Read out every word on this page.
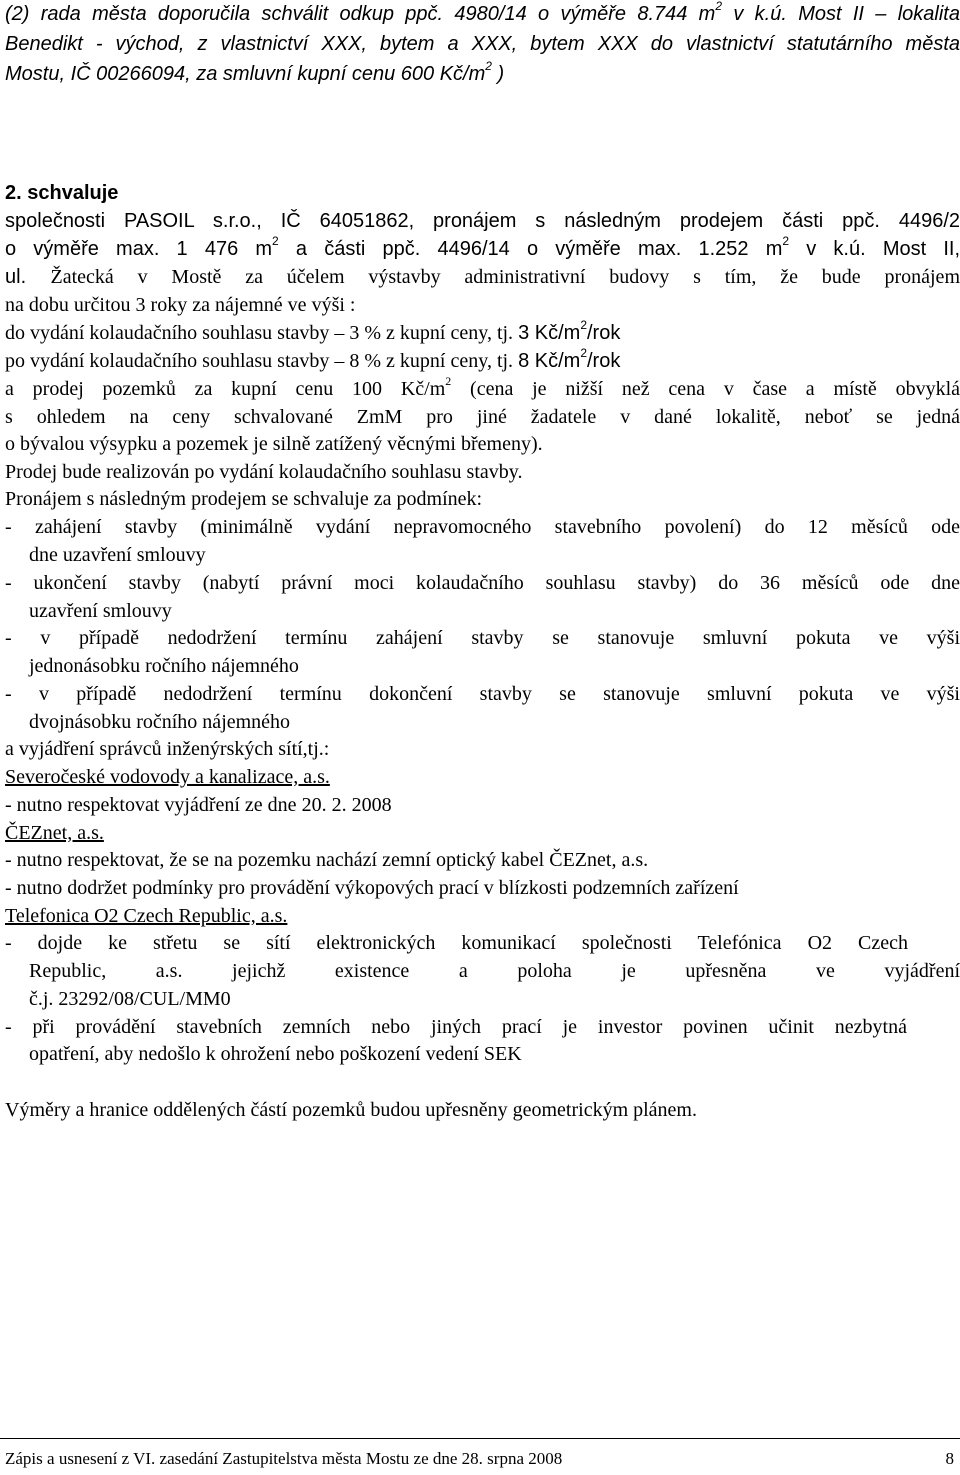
(2) rada města doporučila schválit odkup ppč. 4980/14 o výměře 8.744 $m^2$ v k.ú. Most II – lokalita
Benedikt - východ, z vlastnictví XXX, bytem a XXX, bytem XXX do vlastnictví statutárního města
Mostu, IČ 00266094, za smluvní kupní cenu 600 $Kč/m^2$ )
2. schvaluje
společnosti PASOIL s.r.o., IČ 64051862, pronájem s následným prodejem části ppč. 4496/2
o výměře max. 1 476 $m^2$ a části ppč. 4496/14 o výměře max. 1.252 $m^2$ v k.ú. Most II,
ul. Žatecká v Mostě za účelem výstavby administrativní budovy s tím, že bude pronájem
na dobu určitou 3 roky za nájemné ve výši :
do vydání kolaudačního souhlasu stavby – 3 % z kupní ceny, tj. 3 $Kč/m^2$/rok
po vydání kolaudačního souhlasu stavby – 8 % z kupní ceny, tj. 8 $Kč/m^2$/rok
a prodej pozemků za kupní cenu 100 $Kč/m^2$ (cena je nižší než cena v čase a místě obvyklá
s ohledem na ceny schvalované ZmM pro jiné žadatele v dané lokalitě, neboť se jedná
o bývalou výsypku a pozemek je silně zatížený věcnými břemeny).
Prodej bude realizován po vydání kolaudačního souhlasu stavby.
Pronájem s následným prodejem se schvaluje za podmínek:
- zahájení stavby (minimálně vydání nepravomocného stavebního povolení) do 12 měsíců ode
dne uzavření smlouvy
- ukončení stavby (nabytí právní moci kolaudačního souhlasu stavby) do 36 měsíců ode dne
uzavření smlouvy
- v případě nedodržení termínu zahájení stavby se stanovuje smluvní pokuta ve výši
jednonásobku ročního nájemného
- v případě nedodržení termínu dokončení stavby se stanovuje smluvní pokuta ve výši
dvojnásobku ročního nájemného
a vyjádření správců inženýrských sítí,tj.:
Severočeské vodovody a kanalizace, a.s.
- nutno respektovat vyjádření ze dne 20. 2. 2008
ČEZnet, a.s.
- nutno respektovat, že se na pozemku nachází zemní optický kabel ČEZnet, a.s.
- nutno dodržet podmínky pro provádění výkopových prací v blízkosti podzemních zařízení
Telefonica O2 Czech Republic, a.s.
- dojde ke střetu se sítí elektronických komunikací společnosti Telefónica O2 Czech
Republic, a.s. jejichž existence a poloha je upřesněna ve vyjádření
č.j. 23292/08/CUL/MM0
- při provádění stavebních zemních nebo jiných prací je investor povinen učinit nezbytná
opatření, aby nedošlo k ohrožení nebo poškození vedení SEK
Výměry a hranice oddělených částí pozemků budou upřesněny geometrickým plánem.
Zápis a usnesení z VI. zasedání Zastupitelstva města Mostu ze dne 28. srpna 2008	8
